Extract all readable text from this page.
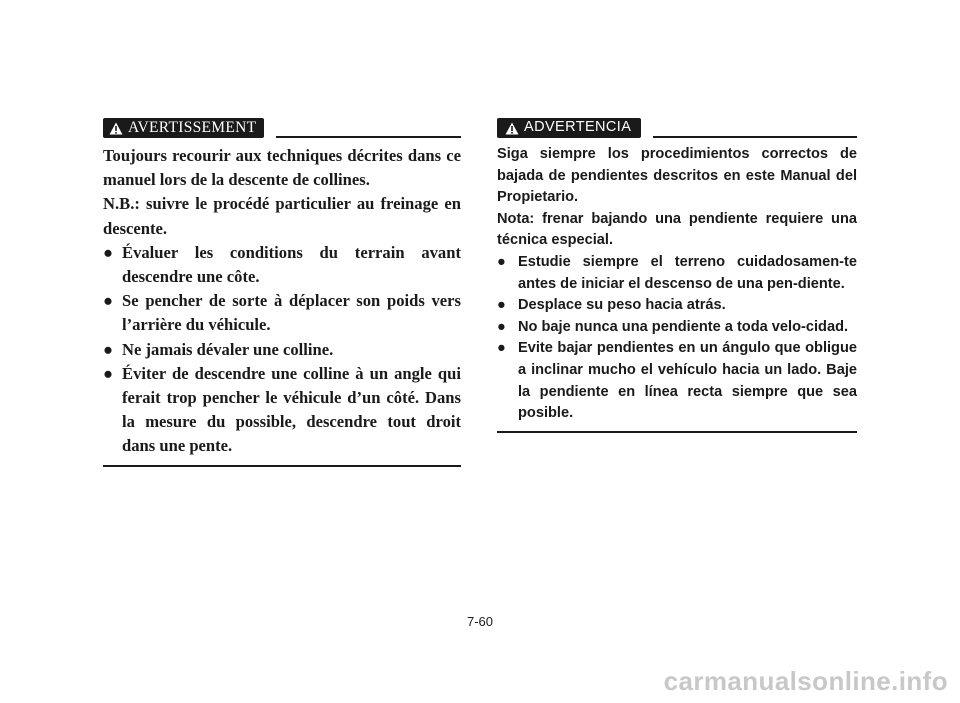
AVERTISSEMENT

Toujours recourir aux techniques décrites dans ce manuel lors de la descente de collines.

N.B.: suivre le procédé particulier au freinage en descente.

● Évaluer les conditions du terrain avant descendre une côte.
● Se pencher de sorte à déplacer son poids vers l’arrière du véhicule.
● Ne jamais dévaler une colline.
● Éviter de descendre une colline à un angle qui ferait trop pencher le véhicule d’un côté. Dans la mesure du possible, descendre tout droit dans une pente.
ADVERTENCIA

Siga siempre los procedimientos correctos de bajada de pendientes descritos en este Manual del Propietario.

Nota: frenar bajando una pendiente requiere una técnica especial.

● Estudie siempre el terreno cuidadosamen-te antes de iniciar el descenso de una pen-diente.
● Desplace su peso hacia atrás.
● No baje nunca una pendiente a toda velo-cidad.
● Evite bajar pendientes en un ángulo que obligue a inclinar mucho el vehículo hacia un lado. Baje la pendiente en línea recta siempre que sea posible.
7-60
carmanualsonline.info
